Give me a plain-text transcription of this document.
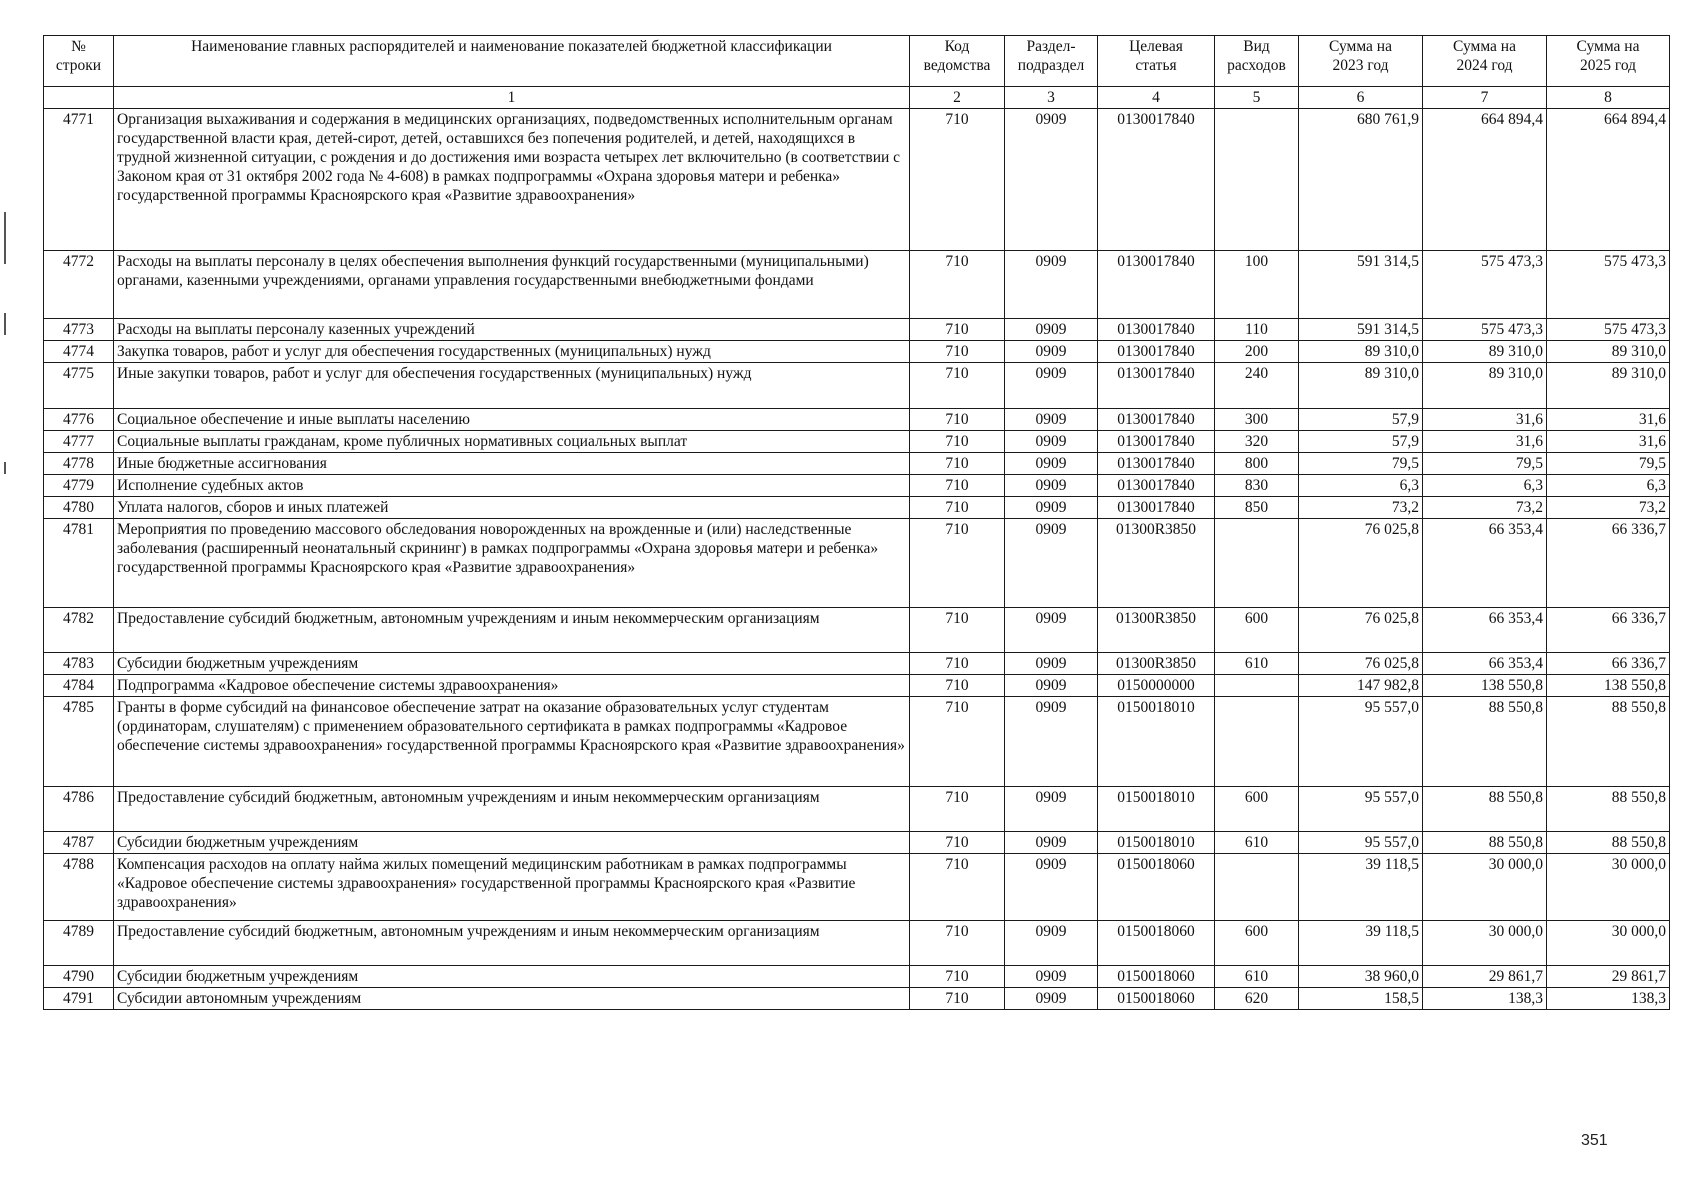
№ строки	Наименование главных распорядителей и наименование показателей бюджетной классификации	Код ведомства	Раздел-подраздел	Целевая статья	Вид расходов	Сумма на 2023 год	Сумма на 2024 год	Сумма на 2025 год
	1	2	3	4	5	6	7	8
4771	Организация выхаживания и содержания в медицинских организациях, подведомственных исполнительным органам государственной власти края, детей-сирот, детей, оставшихся без попечения родителей, и детей, находящихся в трудной жизненной ситуации, с рождения и до достижения ими возраста четырех лет включительно (в соответствии с Законом края от 31 октября 2002 года № 4-608) в рамках подпрограммы «Охрана здоровья матери и ребенка» государственной программы Красноярского края «Развитие здравоохранения»	710	0909	0130017840		680 761,9	664 894,4	664 894,4
4772	Расходы на выплаты персоналу в целях обеспечения выполнения функций государственными (муниципальными) органами, казенными учреждениями, органами управления государственными внебюджетными фондами	710	0909	0130017840	100	591 314,5	575 473,3	575 473,3
4773	Расходы на выплаты персоналу казенных учреждений	710	0909	0130017840	110	591 314,5	575 473,3	575 473,3
4774	Закупка товаров, работ и услуг для обеспечения государственных (муниципальных) нужд	710	0909	0130017840	200	89 310,0	89 310,0	89 310,0
4775	Иные закупки товаров, работ и услуг для обеспечения государственных (муниципальных) нужд	710	0909	0130017840	240	89 310,0	89 310,0	89 310,0
4776	Социальное обеспечение и иные выплаты населению	710	0909	0130017840	300	57,9	31,6	31,6
4777	Социальные выплаты гражданам, кроме публичных нормативных социальных выплат	710	0909	0130017840	320	57,9	31,6	31,6
4778	Иные бюджетные ассигнования	710	0909	0130017840	800	79,5	79,5	79,5
4779	Исполнение судебных актов	710	0909	0130017840	830	6,3	6,3	6,3
4780	Уплата налогов, сборов и иных платежей	710	0909	0130017840	850	73,2	73,2	73,2
4781	Мероприятия по проведению массового обследования новорожденных на врожденные и (или) наследственные заболевания (расширенный неонатальный скрининг) в рамках подпрограммы «Охрана здоровья матери и ребенка» государственной программы Красноярского края «Развитие здравоохранения»	710	0909	01300R3850		76 025,8	66 353,4	66 336,7
4782	Предоставление субсидий бюджетным, автономным учреждениям и иным некоммерческим организациям	710	0909	01300R3850	600	76 025,8	66 353,4	66 336,7
4783	Субсидии бюджетным учреждениям	710	0909	01300R3850	610	76 025,8	66 353,4	66 336,7
4784	Подпрограмма «Кадровое обеспечение системы здравоохранения»	710	0909	0150000000		147 982,8	138 550,8	138 550,8
4785	Гранты в форме субсидий на финансовое обеспечение затрат на оказание образовательных услуг студентам (ординаторам, слушателям) с применением образовательного сертификата в рамках подпрограммы «Кадровое обеспечение системы здравоохранения» государственной программы Красноярского края «Развитие здравоохранения»	710	0909	0150018010		95 557,0	88 550,8	88 550,8
4786	Предоставление субсидий бюджетным, автономным учреждениям и иным некоммерческим организациям	710	0909	0150018010	600	95 557,0	88 550,8	88 550,8
4787	Субсидии бюджетным учреждениям	710	0909	0150018010	610	95 557,0	88 550,8	88 550,8
4788	Компенсация расходов на оплату найма жилых помещений медицинским работникам в рамках подпрограммы «Кадровое обеспечение системы здравоохранения» государственной программы Красноярского края «Развитие здравоохранения»	710	0909	0150018060		39 118,5	30 000,0	30 000,0
4789	Предоставление субсидий бюджетным, автономным учреждениям и иным некоммерческим организациям	710	0909	0150018060	600	39 118,5	30 000,0	30 000,0
4790	Субсидии бюджетным учреждениям	710	0909	0150018060	610	38 960,0	29 861,7	29 861,7
4791	Субсидии автономным учреждениям	710	0909	0150018060	620	158,5	138,3	138,3
351
